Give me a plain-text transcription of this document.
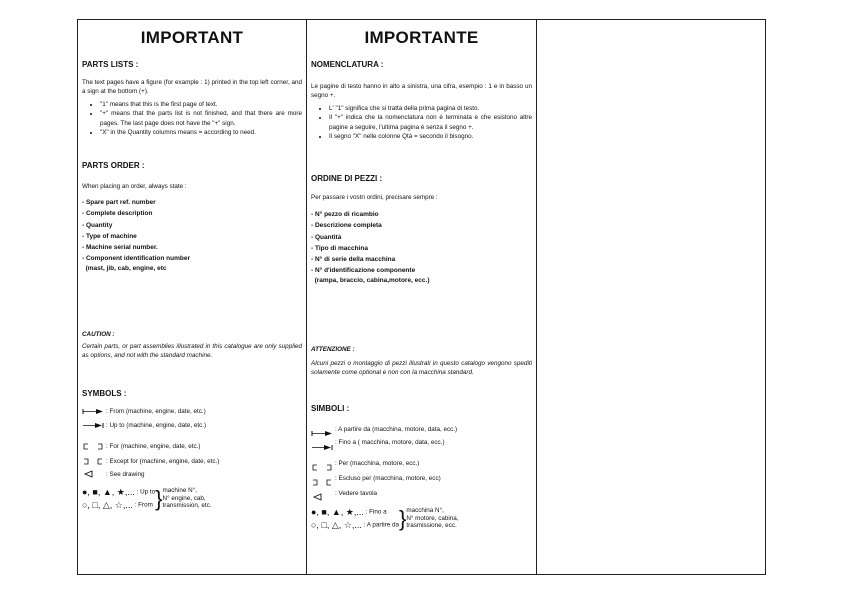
IMPORTANT
PARTS LISTS :
The text pages have a figure (for example : 1) printed in the top left corner, and a sign at the bottom (+).
• "1" means that this is the first page of text.
• "+" means that the parts list is not finished, and that there are more pages. The last page does not have the "+" sign.
• "X" in the Quantity columns means = according to need.
PARTS ORDER :
When placing an order, always state :
- Spare part ref. number
- Complete description
- Quantity
- Type of machine
- Machine serial number.
- Component identification number
(mast, jib, cab, engine, etc
CAUTION :
Certain parts, or part assemblies illustrated in this catalogue are only supplied as options, and not with the standard machine.
SYMBOLS :
: From (machine, engine, date, etc.)
: Up to (machine, engine, date, etc.)
: For (machine, engine, date, etc.)
: Except for (machine, engine, date, etc.)
: See drawing
●, ■, ▲, ★,... : Up to
○, □, △, ☆,... : From } machine N°,
N° engine, cab,
transmission, etc.
IMPORTANTE
NOMENCLATURA :
Le pagine di testo hanno in alto a sinistra, una cifra, esempio : 1 e in basso un segno +.
• L' "1" significa che si tratta della prima pagina di testo.
• Il "+" indica che la nomenclatura non è terminata e che esistono altre pagine a seguire, l'ultima pagina è senza il segno +.
• Il segno "X" nelle colonne Qtà = secondo il bisogno.
ORDINE DI PEZZI :
Per passare i vostri ordini, precisare sempre :
- N° pezzo di ricambio
- Descrizione completa
- Quantità
- Tipo di macchina
- N° di serie della macchina
- N° d'identificazione componente
(rampa, braccio, cabina,motore, ecc.)
ATTENZIONE :
Alcuni pezzi o montaggio di pezzi illustrati in questo catalogo vengono spediti solamente come optional e non con la macchina standard.
SIMBOLI :
: A partire da (macchina, motore, data, ecc.)
: Fino a ( macchina, motore, data, ecc.)
: Per (macchina, motore, ecc.)
: Escluso per (macchina, motore, ecc)
: Vedere tavola
●, ■, ▲, ★,... : Fino a
○, □, △, ☆,... : A partire da } macchina N°,
N° motore, cabina,
trasmissione, ecc.
